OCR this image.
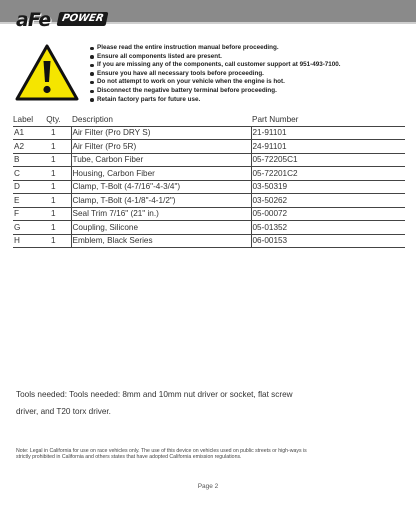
aFe	POWER
Please read the entire instruction manual before proceeding.
Ensure all components listed are present.
If you are missing any of the components, call customer support at 951-493-7100.
Ensure you have all necessary tools before proceeding.
Do not attempt to work on your vehicle when the engine is hot.
Disconnect the negative battery terminal before proceeding.
Retain factory parts for future use.
Label	Qty.	Description	Part Number
A1	1	Air Filter (Pro DRY S)	21-91101
A2	1	Air Filter (Pro 5R)	24-91101
B	1	Tube, Carbon Fiber	05-72205C1
C	1	Housing, Carbon Fiber	05-72201C2
D	1	Clamp, T-Bolt (4-7/16"-4-3/4")	03-50319
E	1	Clamp, T-Bolt (4-1/8"-4-1/2")	03-50262
F	1	Seal Trim 7/16" (21" in.)	05-00072
G	1	Coupling, Silicone	05-01352
H	1	Emblem, Black Series	06-00153

Tools needed: Tools needed: 8mm and 10mm nut driver or socket, flat screw driver, and T20 torx driver.

Note: Legal in California for use on race vehicles only. The use of this device on vehicles used on public streets or high-ways is strictly prohibited in California and others states that have adopted California emission regulations.

Page 2
